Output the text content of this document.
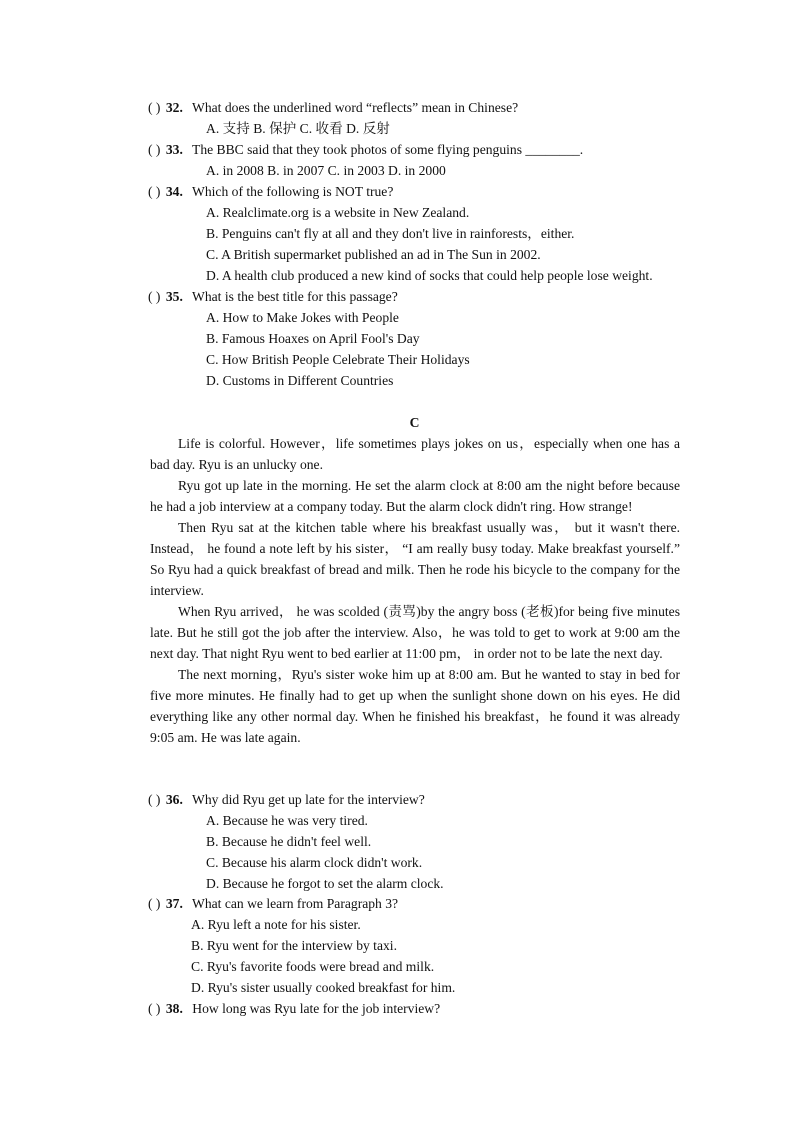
( ) 32. What does the underlined word “reflects” mean in Chinese?
A. 支持 B. 保护 C. 收看 D. 反射
( ) 33. The BBC said that they took photos of some flying penguins ________.
A. in 2008 B. in 2007 C. in 2003 D. in 2000
( ) 34. Which of the following is NOT true?
A. Realclimate.org is a website in New Zealand.
B. Penguins can't fly at all and they don't live in rainforests，either.
C. A British supermarket published an ad in The Sun in 2002.
D. A health club produced a new kind of socks that could help people lose weight.
( ) 35. What is the best title for this passage?
A. How to Make Jokes with People
B. Famous Hoaxes on April Fool's Day
C. How British People Celebrate Their Holidays
D. Customs in Different Countries
C

Life is colorful. However，life sometimes plays jokes on us，especially when one has a bad day. Ryu is an unlucky one.

Ryu got up late in the morning. He set the alarm clock at 8:00 am the night before because he had a job interview at a company today. But the alarm clock didn't ring. How strange!

Then Ryu sat at the kitchen table where his breakfast usually was， but it wasn't there. Instead， he found a note left by his sister， “I am really busy today. Make breakfast yourself.” So Ryu had a quick breakfast of bread and milk. Then he rode his bicycle to the company for the interview.

When Ryu arrived， he was scolded (责骂)by the angry boss (老板)for being five minutes late. But he still got the job after the interview. Also，he was told to get to work at 9:00 am the next day. That night Ryu went to bed earlier at 11:00 pm， in order not to be late the next day.

The next morning，Ryu's sister woke him up at 8:00 am. But he wanted to stay in bed for five more minutes. He finally had to get up when the sunlight shone down on his eyes. He did everything like any other normal day. When he finished his breakfast，he found it was already 9:05 am. He was late again.

( ) 36. Why did Ryu get up late for the interview?
A. Because he was very tired.
B. Because he didn't feel well.
C. Because his alarm clock didn't work.
D. Because he forgot to set the alarm clock.
( ) 37. What can we learn from Paragraph 3?
A. Ryu left a note for his sister.
B. Ryu went for the interview by taxi.
C. Ryu's favorite foods were bread and milk.
D. Ryu's sister usually cooked breakfast for him.
( ) 38. How long was Ryu late for the job interview?
